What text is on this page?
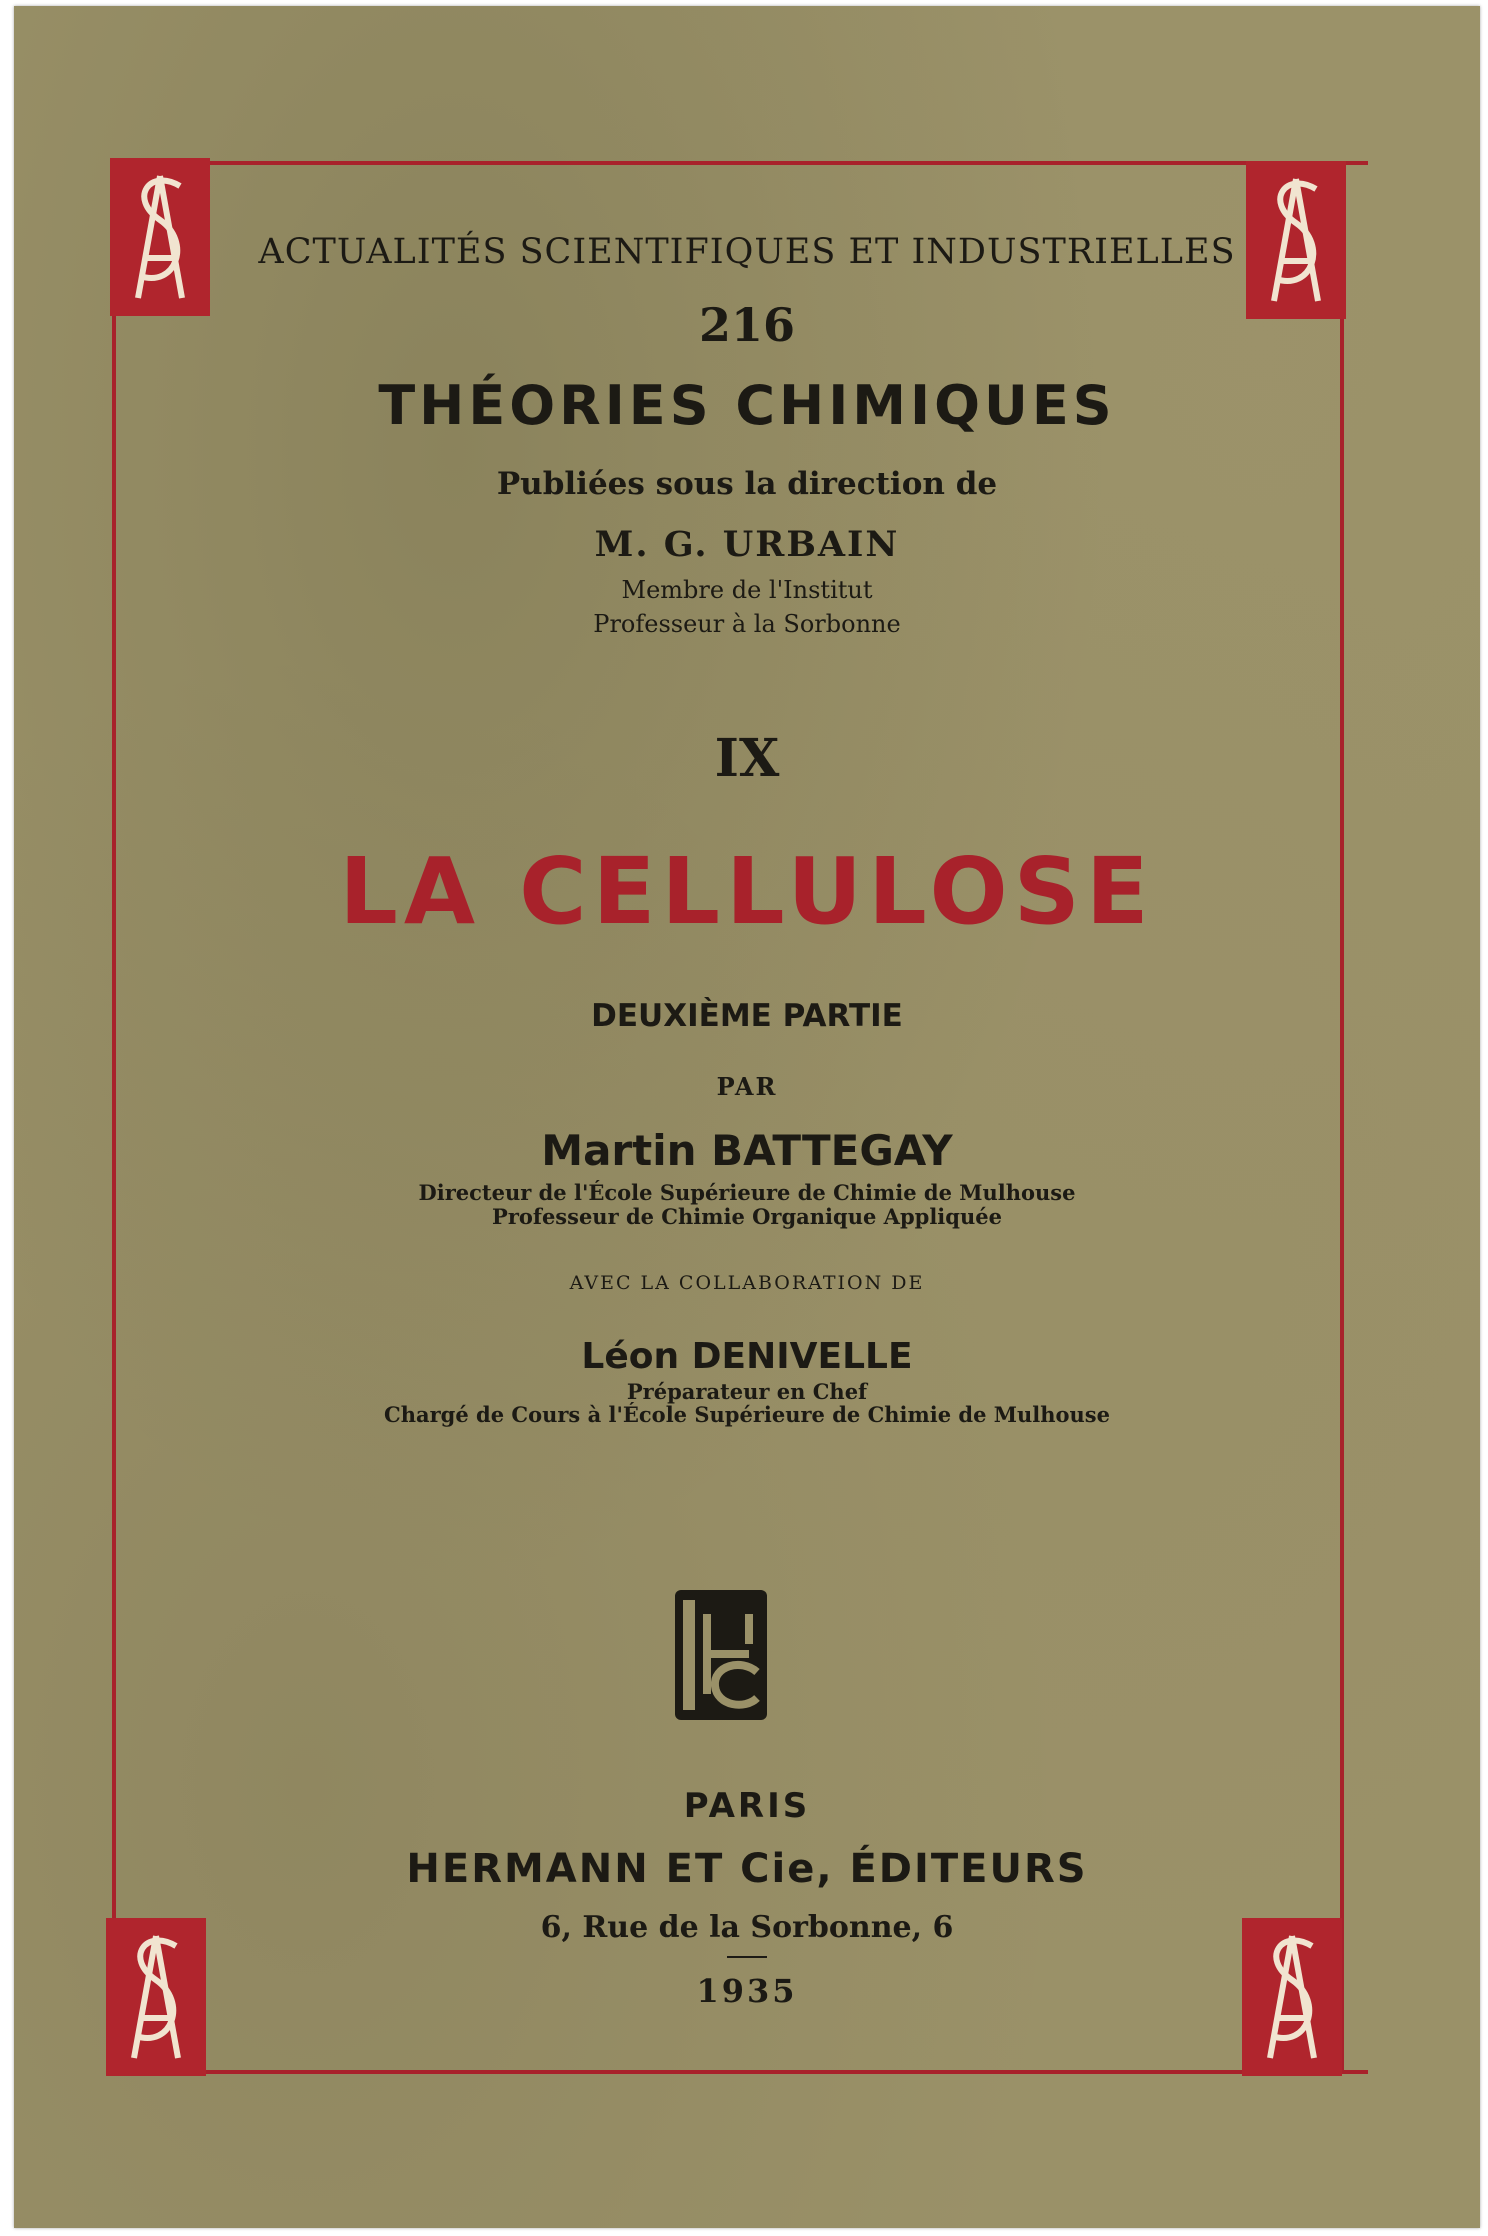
ACTUALITÉS SCIENTIFIQUES ET INDUSTRIELLES
216
THÉORIES CHIMIQUES
Publiées sous la direction de
M. G. URBAIN
Membre de l'Institut
Professeur à la Sorbonne
IX
LA CELLULOSE
DEUXIÈME PARTIE
PAR
Martin BATTEGAY
Directeur de l'École Supérieure de Chimie de Mulhouse
Professeur de Chimie Organique Appliquée
AVEC LA COLLABORATION DE
Léon DENIVELLE
Préparateur en Chef
Chargé de Cours à l'École Supérieure de Chimie de Mulhouse
PARIS
HERMANN ET Cie, ÉDITEURS
6, Rue de la Sorbonne, 6
1935
